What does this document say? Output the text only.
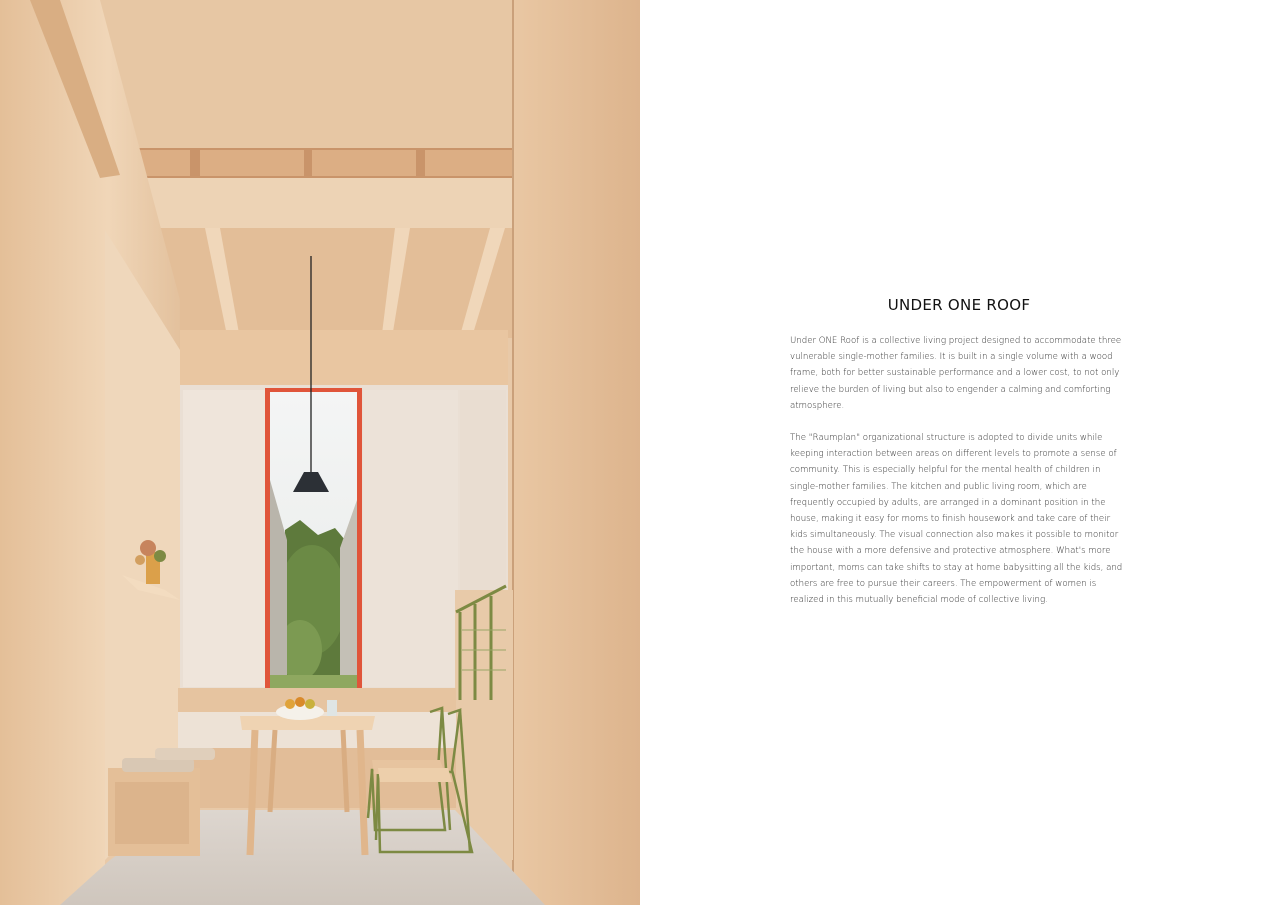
UNDER ONE ROOF

Under ONE Roof is a collective living project designed to accommodate three vulnerable single-mother families. It is built in a single volume with a wood frame, both for better sustainable performance and a lower cost, to not only relieve the burden of living but also to engender a calming and comforting atmosphere.

The "Raumplan" organizational structure is adopted to divide units while keeping interaction between areas on different levels to promote a sense of community. This is especially helpful for the mental health of children in single-mother families. The kitchen and public living room, which are frequently occupied by adults, are arranged in a dominant position in the house, making it easy for moms to finish housework and take care of their kids simultaneously. The visual connection also makes it possible to monitor the house with a more defensive and protective atmosphere. What's more important, moms can take shifts to stay at home babysitting all the kids, and others are free to pursue their careers. The empowerment of women is realized in this mutually beneficial mode of collective living.
